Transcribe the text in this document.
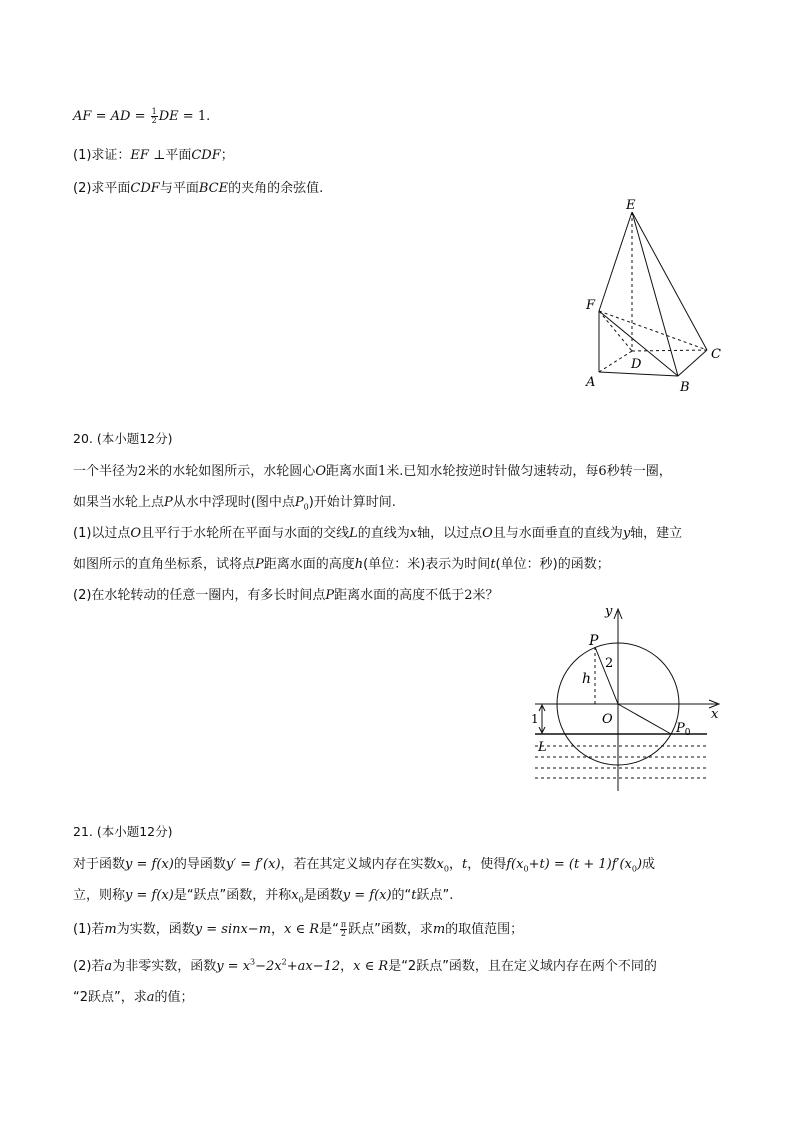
AF = AD = $\frac{1}{2}$ DE = 1.
(1)求证：EF ⊥平面CDF；
(2)求平面CDF与平面BCE的夹角的余弦值.
E
F
C
D
A	B
20. (本小题12分)
一个半径为2米的水轮如图所示，水轮圆心O距离水面1米.已知水轮按逆时针做匀速转动，每6秒转一圈，
如果当水轮上点P从水中浮现时(图中点$P_0$)开始计算时间.
(1)以过点O且平行于水轮所在平面与水面的交线L的直线为x轴，以过点O且与水面垂直的直线为y轴，建立
如图所示的直角坐标系，试将点P距离水面的高度h(单位：米)表示为时间t(单位：秒)的函数；
(2)在水轮转动的任意一圈内，有多长时间点P距离水面的高度不低于2米？
y
x
P
2
h
O
1
L
$P_0$
21. (本小题12分)
对于函数y = f(x)的导函数y′ = f′(x)，若在其定义域内存在实数$x_0$，t，使得$f(x_0+t) = (t + 1)f'(x_0)$成
立，则称y = f(x)是“跃点”函数，并称$x_0$是函数y = f(x)的“t跃点”.
(1)若m为实数，函数y = sinx−m，x ∈ R是“ $\frac{\pi}{2}$ 跃点”函数，求m的取值范围；
(2)若a为非零实数，函数$y = x^3-2x^2+ax-12$，x ∈ R是“2跃点”函数，且在定义域内存在两个不同的
“2跃点”，求a的值；
